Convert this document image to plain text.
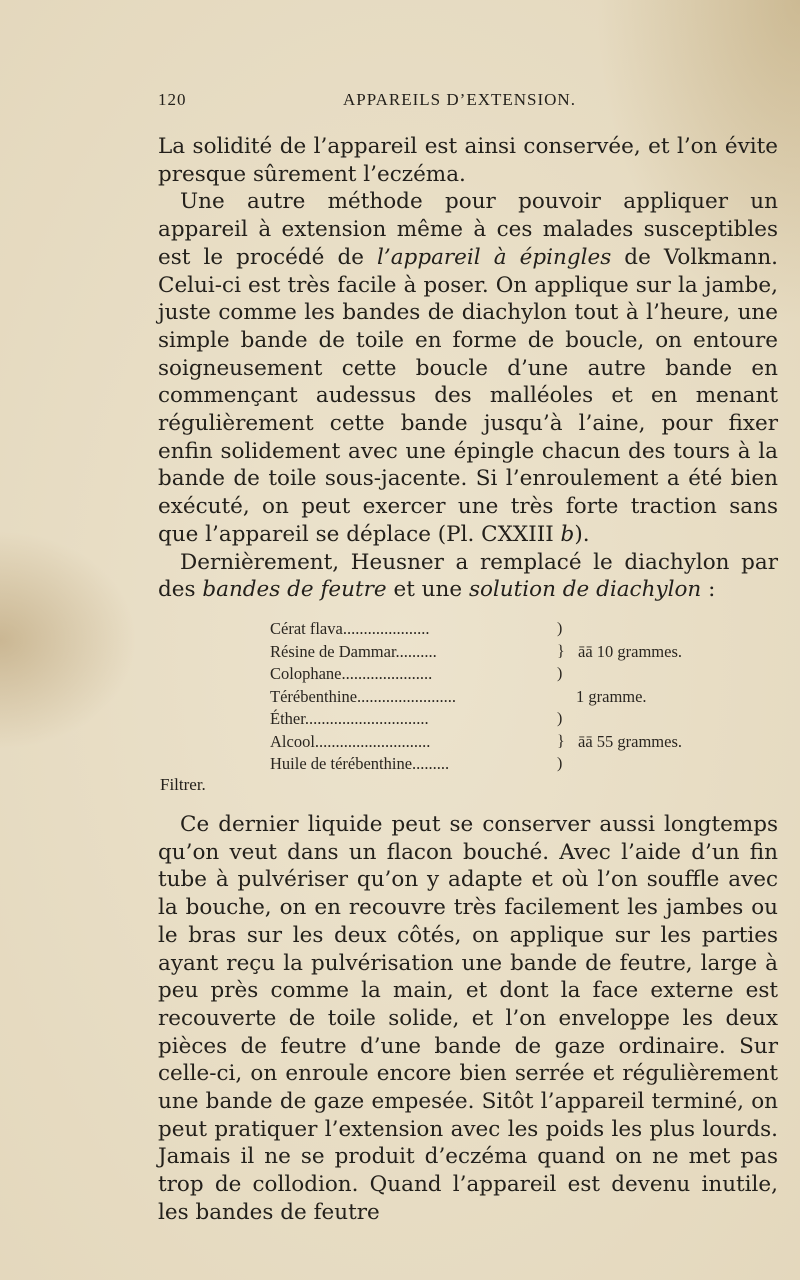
120	APPAREILS D’EXTENSION.

La solidité de l’appareil est ainsi conservée, et l’on évite presque sûrement l’eczéma.

Une autre méthode pour pouvoir appliquer un appareil à extension même à ces malades susceptibles est le procédé de l’appareil à épingles de Volkmann. Celui-ci est très facile à poser. On applique sur la jambe, juste comme les bandes de diachylon tout à l’heure, une simple bande de toile en forme de boucle, on entoure soigneusement cette boucle d’une autre bande en commençant audessus des malléoles et en menant régulièrement cette bande jusqu’à l’aine, pour fixer enfin solidement avec une épingle chacun des tours à la bande de toile sous-jacente. Si l’enroulement a été bien exécuté, on peut exercer une très forte traction sans que l’appareil se déplace (Pl. CXXIII b).

Dernièrement, Heusner a remplacé le diachylon par des bandes de feutre et une solution de diachylon :

Cérat flava.....................
Résine de Dammar..........
Colophane......................
)
}
)
āā 10 grammes.
Térébenthine........................	1 gramme.
Éther..............................
Alcool............................
Huile de térébenthine.........
)
}
)
āā 55 grammes.
Filtrer.

Ce dernier liquide peut se conserver aussi longtemps qu’on veut dans un flacon bouché. Avec l’aide d’un fin tube à pulvériser qu’on y adapte et où l’on souffle avec la bouche, on en recouvre très facilement les jambes ou le bras sur les deux côtés, on applique sur les parties ayant reçu la pulvérisation une bande de feutre, large à peu près comme la main, et dont la face externe est recouverte de toile solide, et l’on enveloppe les deux pièces de feutre d’une bande de gaze ordinaire. Sur celle-ci, on enroule encore bien serrée et régulièrement une bande de gaze empesée. Sitôt l’appareil terminé, on peut pratiquer l’extension avec les poids les plus lourds. Jamais il ne se produit d’eczéma quand on ne met pas trop de collodion. Quand l’appareil est devenu inutile, les bandes de feutre
